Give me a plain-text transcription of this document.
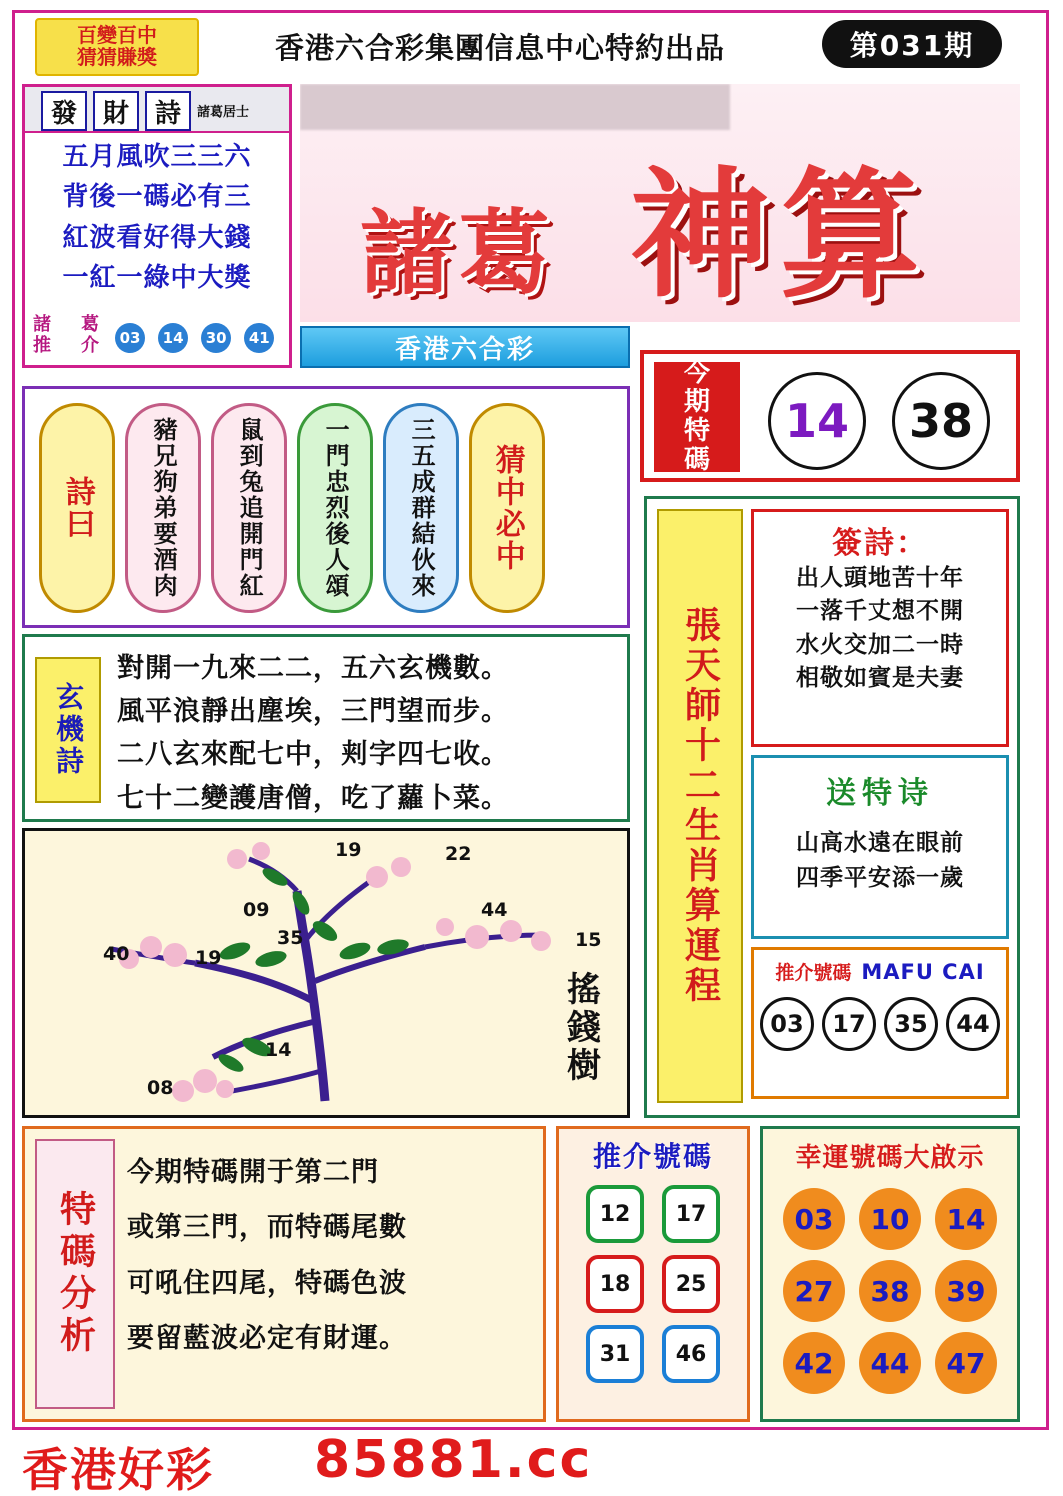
百變百中
猜猜賺獎	香港六合彩集團信息中心特約出品	第031期
發 財 詩	諸葛居士
五月風吹三三六
背後一碼必有三
紅波看好得大錢
一紅一綠中大獎
諸　葛
推　介 03 14 30 41
諸葛 神算
香港六合彩
今
期
特
碼
14	38
詩曰 豬兄狗弟要酒肉 鼠到兔追開門紅 一門忠烈後人頌 三五成群結伙來 猜中必中
玄機詩
對開一九來二二，五六玄機數。
風平浪靜出塵埃，三門望而步。
二八玄來配七中，刾字四七收。
七十二變護唐僧，吃了蘿卜菜。
19	22
09	44
35	15
40	19
14
08
搖
錢
樹
張天師十二生肖算運程
簽詩：
出人頭地苦十年
一落千丈想不開
水火交加二一時
相敬如賓是夫妻
送特诗
山高水遠在眼前
四季平安添一歲
推介號碼 MAFU CAI
03	17	35	44
特碼分析
今期特碼開于第二門
或第三門，而特碼尾數
可吼住四尾，特碼色波
要留藍波必定有財運。
推介號碼
12	17
18	25
31	46
幸運號碼大啟示
03	10	14
27	38	39
42	44	47
香港好彩 85881.cc
